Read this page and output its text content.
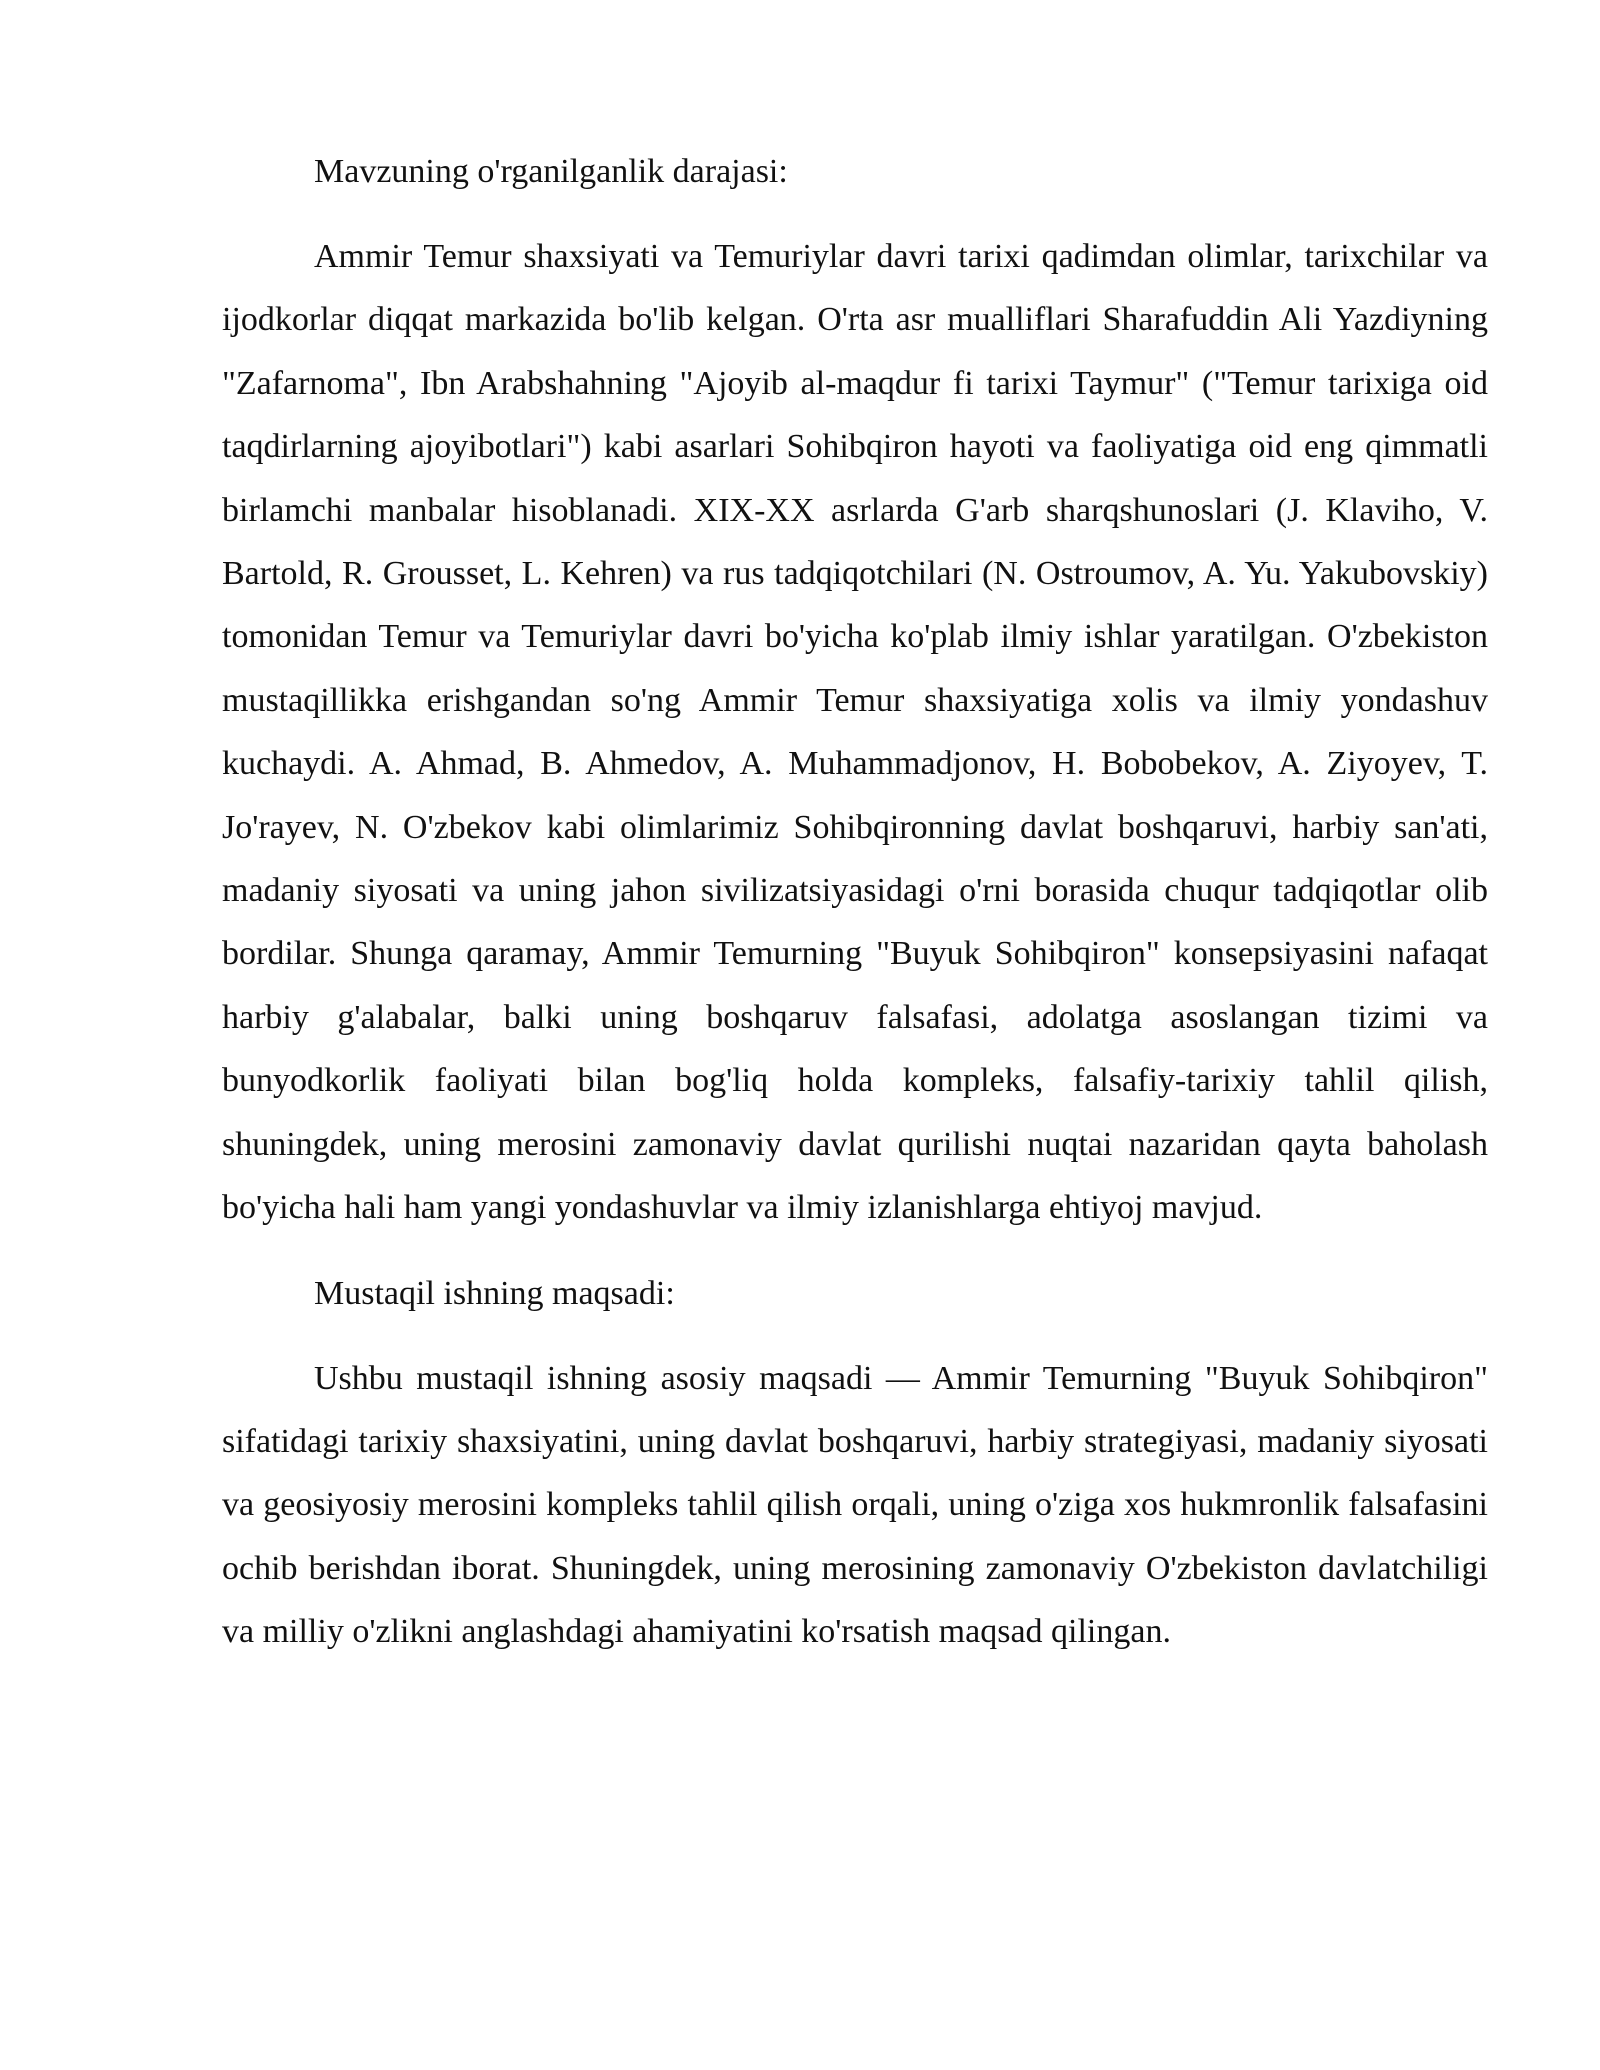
Mavzuning o'rganilganlik darajasi:

Ammir Temur shaxsiyati va Temuriylar davri tarixi qadimdan olimlar, tarixchilar va ijodkorlar diqqat markazida bo'lib kelgan. O'rta asr mualliflari Sharafuddin Ali Yazdiyning "Zafarnoma", Ibn Arabshahning "Ajoyib al-maqdur fi tarixi Taymur" ("Temur tarixiga oid taqdirlarning ajoyibotlari") kabi asarlari Sohibqiron hayoti va faoliyatiga oid eng qimmatli birlamchi manbalar hisoblanadi. XIX-XX asrlarda G'arb sharqshunoslari (J. Klaviho, V. Bartold, R. Grousset, L. Kehren) va rus tadqiqotchilari (N. Ostroumov, A. Yu. Yakubovskiy) tomonidan Temur va Temuriylar davri bo'yicha ko'plab ilmiy ishlar yaratilgan. O'zbekiston mustaqillikka erishgandan so'ng Ammir Temur shaxsiyatiga xolis va ilmiy yondashuv kuchaydi. A. Ahmad, B. Ahmedov, A. Muhammadjonov, H. Bobobekov, A. Ziyoyev, T. Jo'rayev, N. O'zbekov kabi olimlarimiz Sohibqironning davlat boshqaruvi, harbiy san'ati, madaniy siyosati va uning jahon sivilizatsiyasidagi o'rni borasida chuqur tadqiqotlar olib bordilar. Shunga qaramay, Ammir Temurning "Buyuk Sohibqiron" konsepsiyasini nafaqat harbiy g'alabalar, balki uning boshqaruv falsafasi, adolatga asoslangan tizimi va bunyodkorlik faoliyati bilan bog'liq holda kompleks, falsafiy-tarixiy tahlil qilish, shuningdek, uning merosini zamonaviy davlat qurilishi nuqtai nazaridan qayta baholash bo'yicha hali ham yangi yondashuvlar va ilmiy izlanishlarga ehtiyoj mavjud.

Mustaqil ishning maqsadi:

Ushbu mustaqil ishning asosiy maqsadi — Ammir Temurning "Buyuk Sohibqiron" sifatidagi tarixiy shaxsiyatini, uning davlat boshqaruvi, harbiy strategiyasi, madaniy siyosati va geosiyosiy merosini kompleks tahlil qilish orqali, uning o'ziga xos hukmronlik falsafasini ochib berishdan iborat. Shuningdek, uning merosining zamonaviy O'zbekiston davlatchiligi va milliy o'zlikni anglashdagi ahamiyatini ko'rsatish maqsad qilingan.
